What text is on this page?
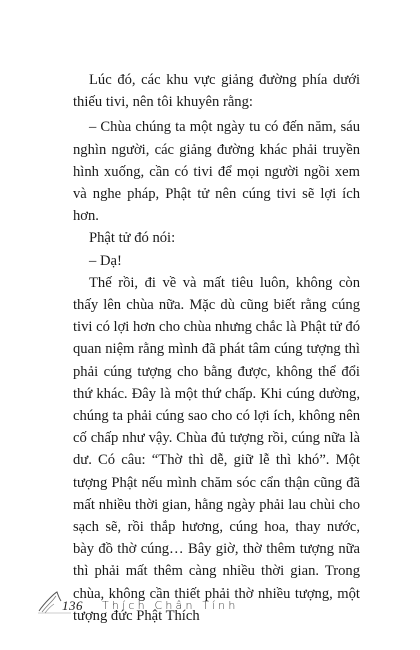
Lúc đó, các khu vực giảng đường phía dưới thiếu tivi, nên tôi khuyên rằng:

– Chùa chúng ta một ngày tu có đến năm, sáu nghìn người, các giảng đường khác phải truyền hình xuống, cần có tivi để mọi người ngồi xem và nghe pháp, Phật tử nên cúng tivi sẽ lợi ích hơn.

Phật tử đó nói:

– Dạ!

Thế rồi, đi về và mất tiêu luôn, không còn thấy lên chùa nữa. Mặc dù cũng biết rằng cúng tivi có lợi hơn cho chùa nhưng chắc là Phật tử đó quan niệm rằng mình đã phát tâm cúng tượng thì phải cúng tượng cho bằng được, không thể đổi thứ khác. Đây là một thứ chấp. Khi cúng dường, chúng ta phải cúng sao cho có lợi ích, không nên cố chấp như vậy. Chùa đủ tượng rồi, cúng nữa là dư. Có câu: “Thờ thì dễ, giữ lễ thì khó”. Một tượng Phật nếu mình chăm sóc cẩn thận cũng đã mất nhiều thời gian, hằng ngày phải lau chùi cho sạch sẽ, rồi thắp hương, cúng hoa, thay nước, bày đồ thờ cúng… Bây giờ, thờ thêm tượng nữa thì phải mất thêm càng nhiều thời gian. Trong chùa, không cần thiết phải thờ nhiều tượng, một tượng đức Phật Thích

136 Thích Chân Tính
